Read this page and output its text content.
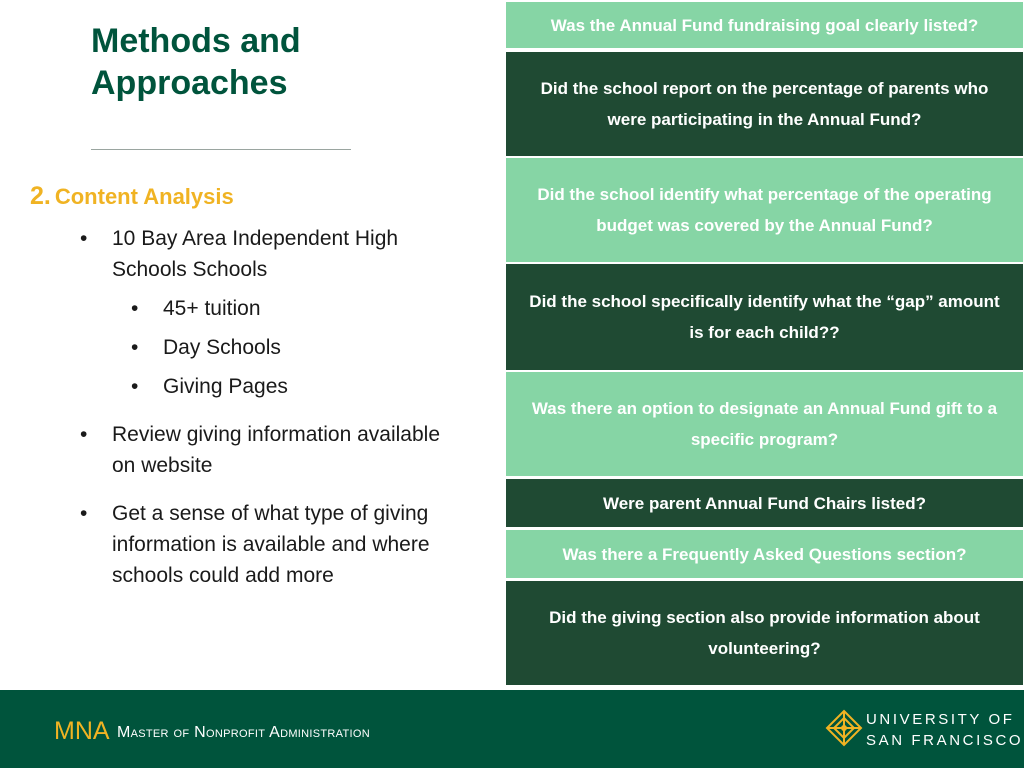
Methods and
Approaches
2. Content Analysis
• 10 Bay Area Independent High Schools Schools
• 45+ tuition
• Day Schools
• Giving Pages
• Review giving information available on website
• Get a sense of what type of giving information is available and where schools could add more
Was the Annual Fund fundraising goal clearly listed?
Did the school report on the percentage of parents who were participating in the Annual Fund?
Did the school identify what percentage of the operating budget was covered by the Annual Fund?
Did the school specifically identify what the “gap” amount is for each child??
Was there an option to designate an Annual Fund gift to a specific program?
Were parent Annual Fund Chairs listed?
Was there a Frequently Asked Questions section?
Did the giving section also provide information about volunteering?
MNA Master of Nonprofit Administration
UNIVERSITY OF
SAN FRANCISCO
